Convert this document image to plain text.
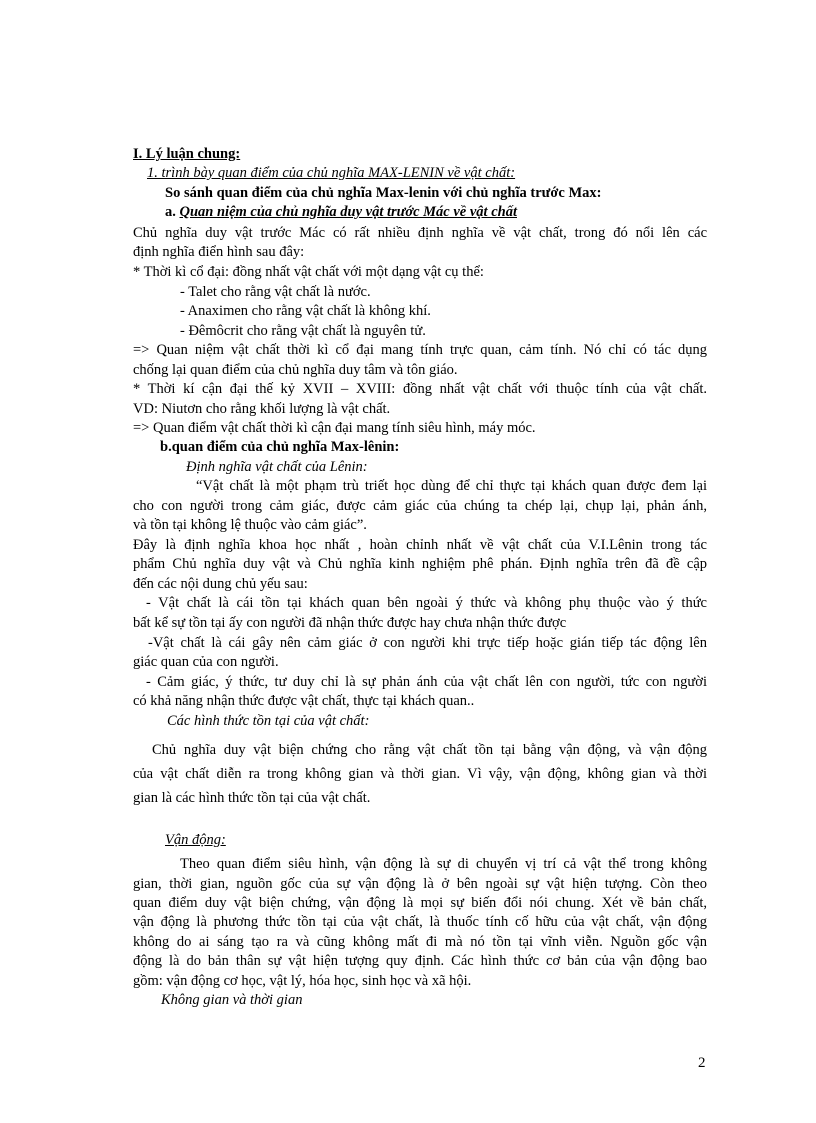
I. Lý luận chung:
1. trình bày quan điểm của chủ nghĩa MAX-LENIN về vật chất:
So sánh quan điểm của chủ nghĩa Max-lenin với chủ nghĩa trước Max:
a. Quan niệm của chủ nghĩa duy vật trước Mác về vật chất
Chủ nghĩa duy vật trước Mác có rất nhiều định nghĩa về vật chất, trong đó nổi lên các
định nghĩa điển hình sau đây:
* Thời kì cổ đại: đồng nhất vật chất với một dạng vật cụ thể:
- Talet cho rằng vật chất là nước.
- Anaximen cho rằng vật chất là không khí.
- Đêmôcrit cho rằng vật chất là nguyên tử.
=> Quan niệm vật chất thời kì cổ đại mang tính trực quan, cảm tính. Nó chỉ có tác dụng
chống lại quan điểm của chủ nghĩa duy tâm và tôn giáo.
* Thời kí cận đại thế kỷ XVII – XVIII: đồng nhất vật chất với thuộc tính của vật chất.
VD: Niutơn cho rằng khối lượng là vật chất.
=> Quan điểm vật chất thời kì cận đại mang tính siêu hình, máy móc.
b.quan điểm của chủ nghĩa Max-lênin:
Định nghĩa vật chất của Lênin:
“Vật chất là một phạm trù triết học dùng để chỉ thực tại khách quan được đem lại
cho con người trong cảm giác, được cảm giác của chúng ta chép lại, chụp lại, phản ánh,
và tồn tại không lệ thuộc vào cảm giác”.
Đây là định nghĩa khoa học nhất , hoàn chỉnh nhất về vật chất của V.I.Lênin trong tác
phẩm Chủ nghĩa duy vật và Chủ nghĩa kinh nghiệm phê phán. Định nghĩa trên đã đề cập
đến các nội dung chủ yếu sau:
- Vật chất là cái tồn tại khách quan bên ngoài ý thức và không phụ thuộc vào ý thức
bất kể sự tồn tại ấy con người đã nhận thức được hay chưa nhận thức được
-Vật chất là cái gây nên cảm giác ở con người khi trực tiếp hoặc gián tiếp tác động lên
giác quan của con người.
- Cảm giác, ý thức, tư duy chỉ là sự phản ánh của vật chất lên con người, tức con người
có khả năng nhận thức được vật chất, thực tại khách quan..
Các hình thức tồn tại của vật chất:
Chủ nghĩa duy vật biện chứng cho rằng vật chất tồn tại bằng vận động, và vận động
của vật chất diễn ra trong không gian và thời gian. Vì vậy, vận động, không gian và thời
gian là các hình thức tồn tại của vật chất.
Vận động:
Theo quan điểm siêu hình, vận động là sự di chuyển vị trí cả vật thể trong không
gian, thời gian, nguồn gốc của sự vận động là ở bên ngoài sự vật hiện tượng. Còn theo
quan điểm duy vật biện chứng, vận động là mọi sự biến đổi nói chung. Xét về bản chất,
vận động là phương thức tồn tại của vật chất, là thuốc tính cố hữu của vật chất, vận động
không do ai sáng tạo ra và cũng không mất đi mà nó tồn tại vĩnh viễn. Nguồn gốc vận
động là do bản thân sự vật hiện tượng quy định. Các hình thức cơ bản của vận động bao
gồm: vận động cơ học, vật lý, hóa học, sinh học và xã hội.
Không gian và thời gian
2
